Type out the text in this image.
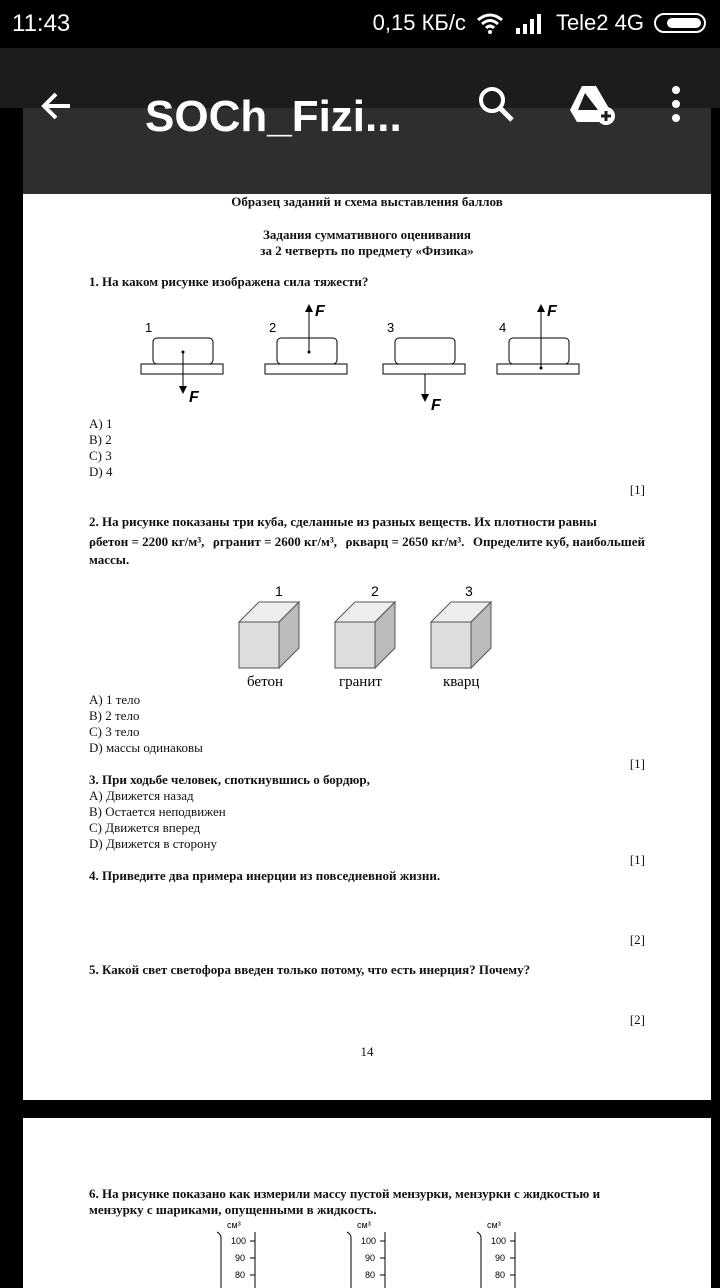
11:43	0,15 КБ/с	Tele2 4G
SOCh_Fizi...
Образец заданий и схема выставления баллов
Задания суммативного оценивания
за 2 четверть по предмету «Физика»
1. На каком рисунке изображена сила тяжести?
1
F
2
F
3
F
4
F
A) 1
B) 2
C) 3
D) 4
[1]
2. На рисунке показаны три куба, сделанные из разных веществ. Их плотности равны
ρбетон = 2200 кг/м³, ρгранит = 2600 кг/м³, ρкварц = 2650 кг/м³. Определите куб, наибольшей
массы.
1
бетон
2
гранит
3
кварц
A) 1 тело
B) 2 тело
C) 3 тело
D) массы одинаковы
[1]
3. При ходьбе человек, споткнувшись о бордюр,
A) Движется назад
B) Остается неподвижен
C) Движется вперед
D) Движется в сторону
[1]
4. Приведите два примера инерции из повседневной жизни.
[2]
5. Какой свет светофора введен только потому, что есть инерция? Почему?
[2]
14
6. На рисунке показано как измерили массу пустой мензурки, мензурки с жидкостью и
мензурку с шариками, опущенными в жидкость.
см³
100
90
80
см³
100
90
80
см³
100
90
80
